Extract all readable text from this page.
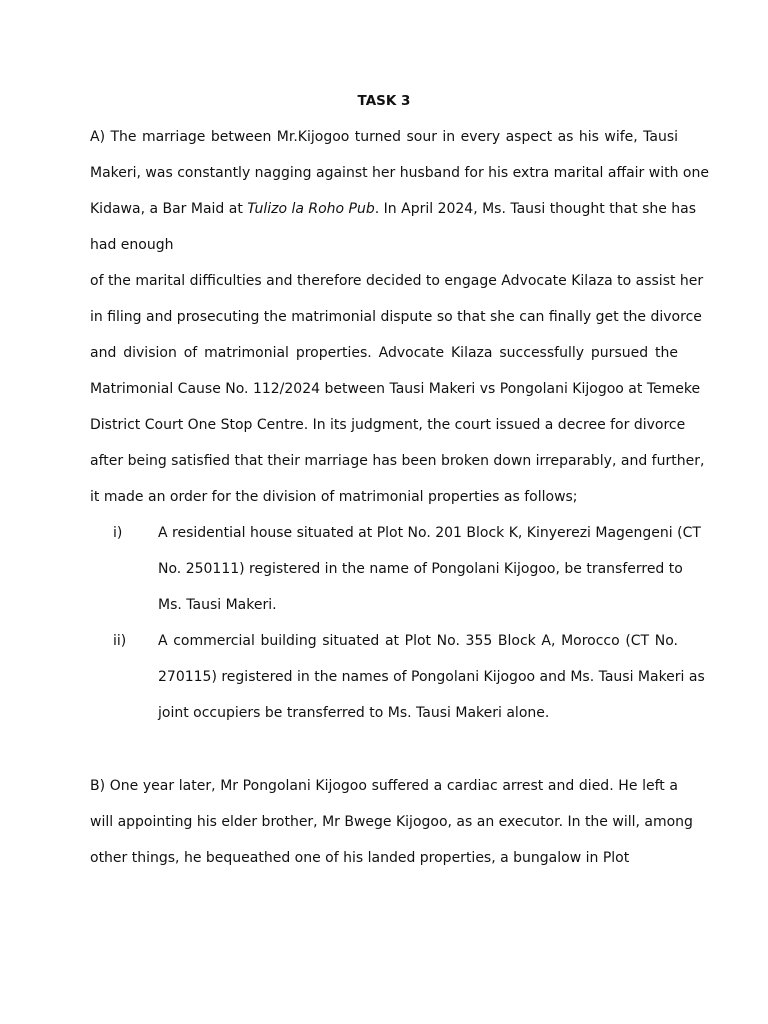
TASK 3
A) The marriage between Mr.Kijogoo turned sour in every aspect as his wife, Tausi
Makeri, was constantly nagging against her husband for his extra marital affair with one
Kidawa, a Bar Maid at Tulizo la Roho Pub. In April 2024, Ms. Tausi thought that she has
had enough
of the marital difficulties and therefore decided to engage Advocate Kilaza to assist her
in filing and prosecuting the matrimonial dispute so that she can finally get the divorce
and division of matrimonial properties. Advocate Kilaza successfully pursued the
Matrimonial Cause No. 112/2024 between Tausi Makeri vs Pongolani Kijogoo at Temeke
District Court One Stop Centre. In its judgment, the court issued a decree for divorce
after being satisfied that their marriage has been broken down irreparably, and further,
it made an order for the division of matrimonial properties as follows;
i)	A residential house situated at Plot No. 201 Block K, Kinyerezi Magengeni (CT
No. 250111) registered in the name of Pongolani Kijogoo, be transferred to
Ms. Tausi Makeri.
ii) A commercial building situated at Plot No. 355 Block A, Morocco (CT No.
270115) registered in the names of Pongolani Kijogoo and Ms. Tausi Makeri as
joint occupiers be transferred to Ms. Tausi Makeri alone.
B) One year later, Mr Pongolani Kijogoo suffered a cardiac arrest and died. He left a
will appointing his elder brother, Mr Bwege Kijogoo, as an executor. In the will, among
other things, he bequeathed one of his landed properties, a bungalow in Plot
